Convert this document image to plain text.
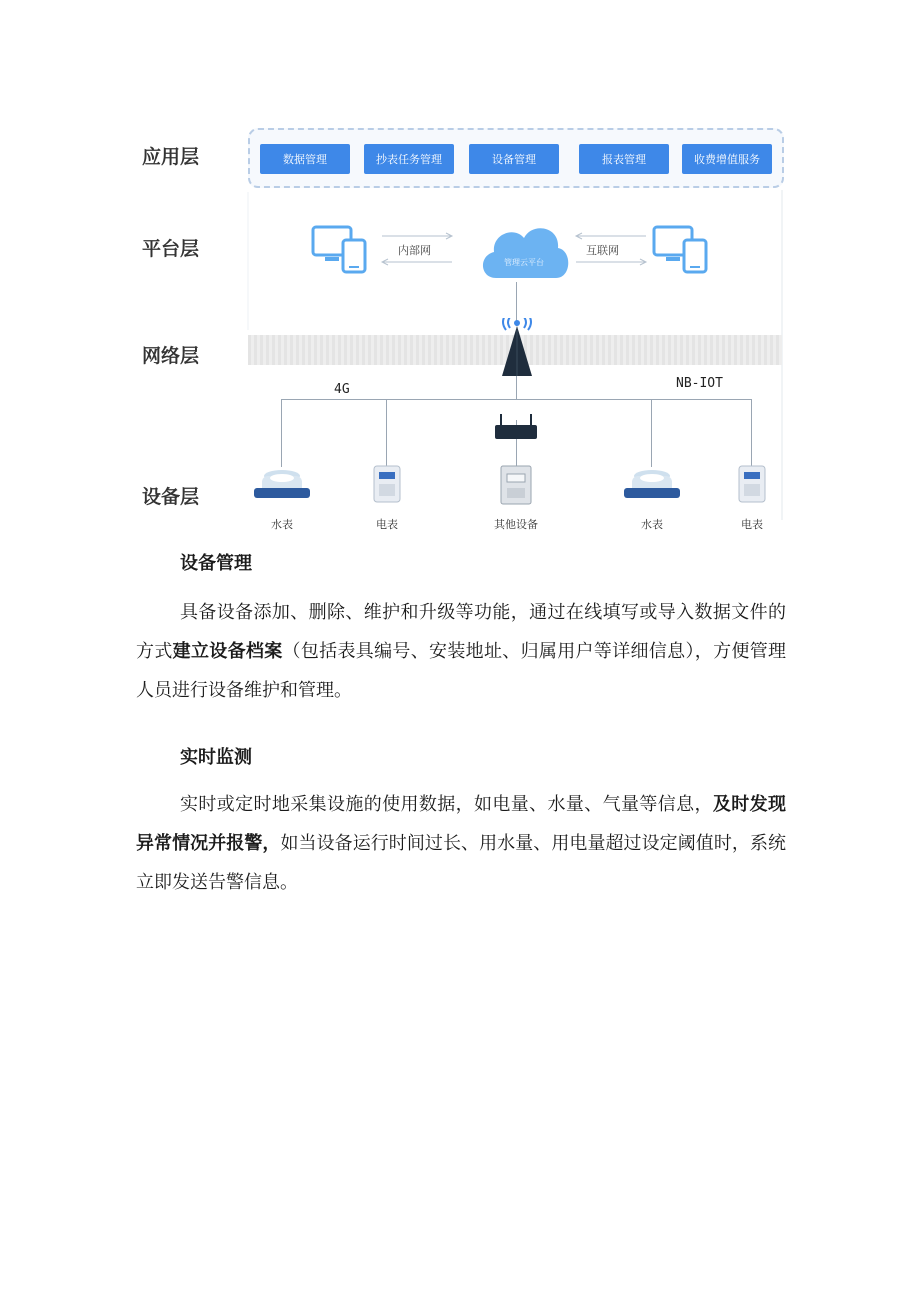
应用层
平台层
网络层
设备层
数据管理	抄表任务管理	设备管理	报表管理	收费增值服务
内部网
管理云平台
互联网
4G	NB-IOT
水表	电表	其他设备	水表	电表
设备管理
具备设备添加、删除、维护和升级等功能，通过在线填写或导入数据文件的方式建立设备档案（包括表具编号、安装地址、归属用户等详细信息），方便管理人员进行设备维护和管理。
实时监测
实时或定时地采集设施的使用数据，如电量、水量、气量等信息，及时发现异常情况并报警，如当设备运行时间过长、用水量、用电量超过设定阈值时，系统立即发送告警信息。
